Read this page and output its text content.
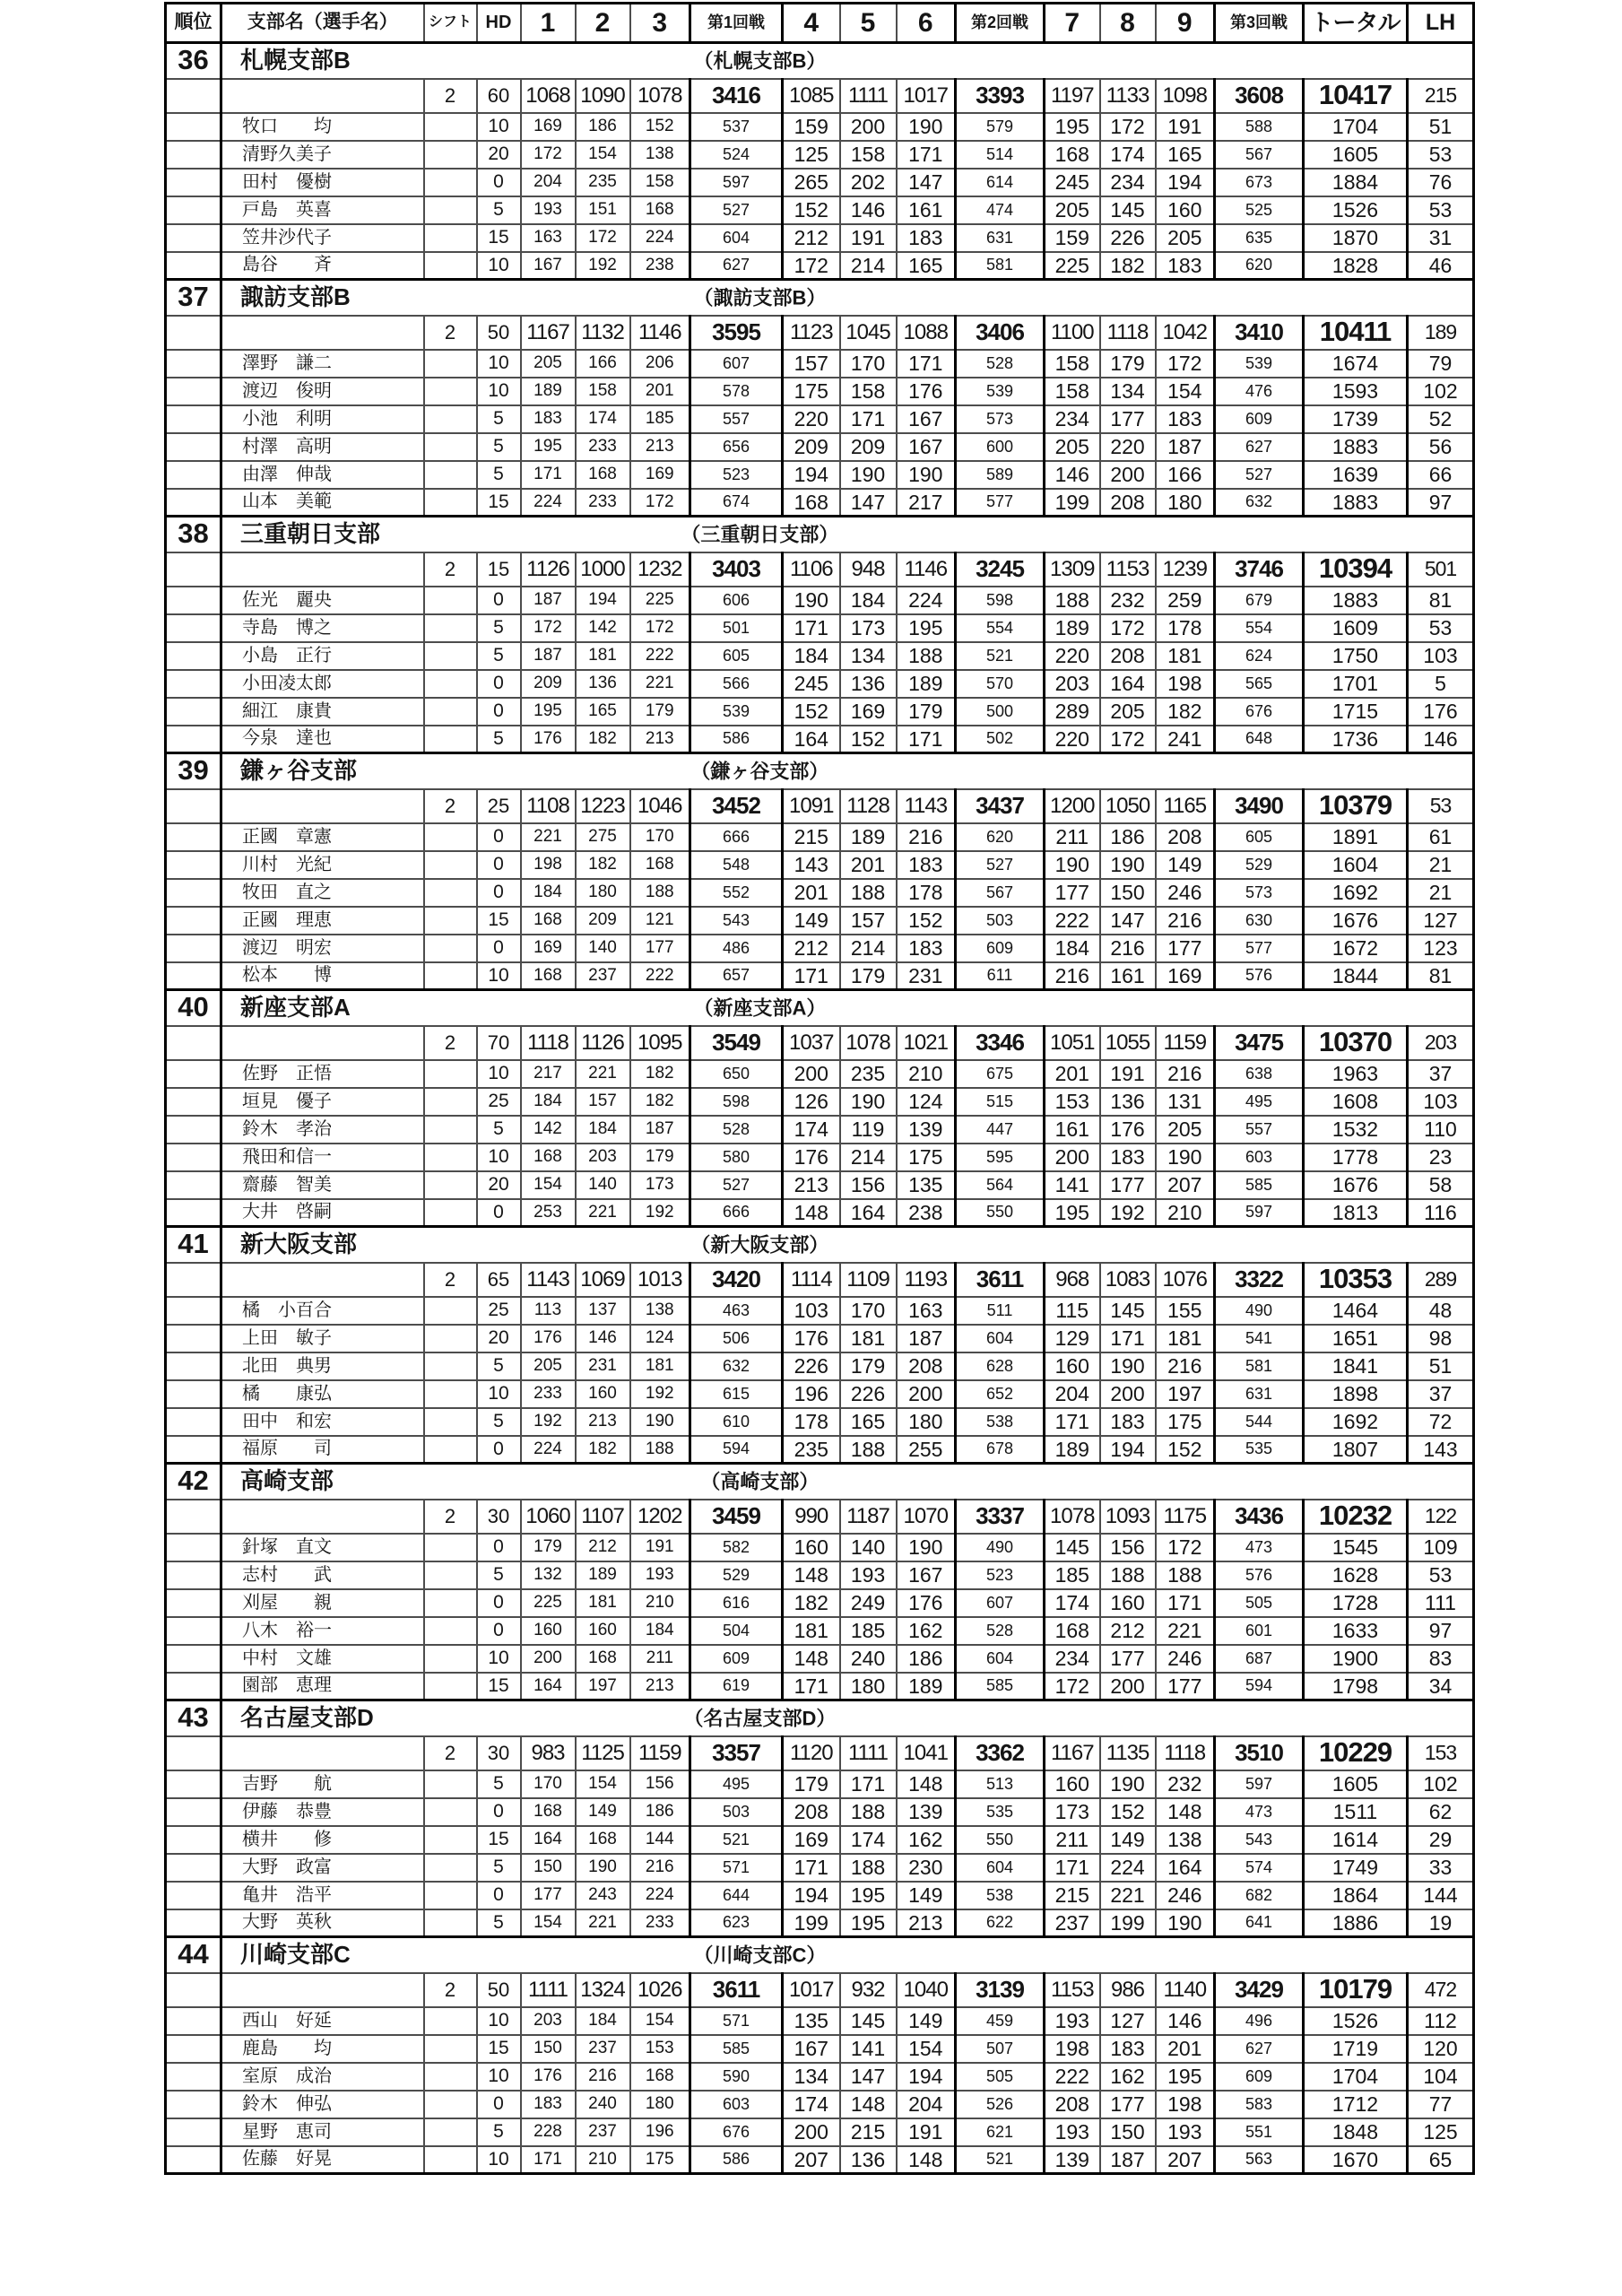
順位	支部名（選手名）	シフト	HD	1	2	3	第1回戦	4	5	6	第2回戦	7	8	9	第3回戦	トータル	LH
36	札幌支部B （札幌支部B）																

		2	60	1068	1090	1078	3416	1085	1111	1017	3393	1197	1133	1098	3608	10417	215
	牧口　　均		10	169	186	152	537	159	200	190	579	195	172	191	588	1704	51
	清野久美子		20	172	154	138	524	125	158	171	514	168	174	165	567	1605	53
	田村　優樹		0	204	235	158	597	265	202	147	614	245	234	194	673	1884	76
	戸島　英喜		5	193	151	168	527	152	146	161	474	205	145	160	525	1526	53
	笠井沙代子		15	163	172	224	604	212	191	183	631	159	226	205	635	1870	31
	島谷　　斉		10	167	192	238	627	172	214	165	581	225	182	183	620	1828	46
37	諏訪支部B （諏訪支部B）																

		2	50	1167	1132	1146	3595	1123	1045	1088	3406	1100	1118	1042	3410	10411	189
	澤野　謙二		10	205	166	206	607	157	170	171	528	158	179	172	539	1674	79
	渡辺　俊明		10	189	158	201	578	175	158	176	539	158	134	154	476	1593	102
	小池　利明		5	183	174	185	557	220	171	167	573	234	177	183	609	1739	52
	村澤　高明		5	195	233	213	656	209	209	167	600	205	220	187	627	1883	56
	由澤　伸哉		5	171	168	169	523	194	190	190	589	146	200	166	527	1639	66
	山本　美範		15	224	233	172	674	168	147	217	577	199	208	180	632	1883	97
38	三重朝日支部 （三重朝日支部）																

		2	15	1126	1000	1232	3403	1106	948	1146	3245	1309	1153	1239	3746	10394	501
	佐光　麗央		0	187	194	225	606	190	184	224	598	188	232	259	679	1883	81
	寺島　博之		5	172	142	172	501	171	173	195	554	189	172	178	554	1609	53
	小島　正行		5	187	181	222	605	184	134	188	521	220	208	181	624	1750	103
	小田凌太郎		0	209	136	221	566	245	136	189	570	203	164	198	565	1701	5
	細江　康貴		0	195	165	179	539	152	169	179	500	289	205	182	676	1715	176
	今泉　達也		5	176	182	213	586	164	152	171	502	220	172	241	648	1736	146
39	鎌ヶ谷支部 （鎌ヶ谷支部）																

		2	25	1108	1223	1046	3452	1091	1128	1143	3437	1200	1050	1165	3490	10379	53
	正國　章憲		0	221	275	170	666	215	189	216	620	211	186	208	605	1891	61
	川村　光紀		0	198	182	168	548	143	201	183	527	190	190	149	529	1604	21
	牧田　直之		0	184	180	188	552	201	188	178	567	177	150	246	573	1692	21
	正國　理恵		15	168	209	121	543	149	157	152	503	222	147	216	630	1676	127
	渡辺　明宏		0	169	140	177	486	212	214	183	609	184	216	177	577	1672	123
	松本　　博		10	168	237	222	657	171	179	231	611	216	161	169	576	1844	81
40	新座支部A （新座支部A）																

		2	70	1118	1126	1095	3549	1037	1078	1021	3346	1051	1055	1159	3475	10370	203
	佐野　正悟		10	217	221	182	650	200	235	210	675	201	191	216	638	1963	37
	垣見　優子		25	184	157	182	598	126	190	124	515	153	136	131	495	1608	103
	鈴木　孝治		5	142	184	187	528	174	119	139	447	161	176	205	557	1532	110
	飛田和信一		10	168	203	179	580	176	214	175	595	200	183	190	603	1778	23
	齋藤　智美		20	154	140	173	527	213	156	135	564	141	177	207	585	1676	58
	大井　啓嗣		0	253	221	192	666	148	164	238	550	195	192	210	597	1813	116
41	新大阪支部 （新大阪支部）																

		2	65	1143	1069	1013	3420	1114	1109	1193	3611	968	1083	1076	3322	10353	289
	橘　小百合		25	113	137	138	463	103	170	163	511	115	145	155	490	1464	48
	上田　敏子		20	176	146	124	506	176	181	187	604	129	171	181	541	1651	98
	北田　典男		5	205	231	181	632	226	179	208	628	160	190	216	581	1841	51
	橘　　康弘		10	233	160	192	615	196	226	200	652	204	200	197	631	1898	37
	田中　和宏		5	192	213	190	610	178	165	180	538	171	183	175	544	1692	72
	福原　　司		0	224	182	188	594	235	188	255	678	189	194	152	535	1807	143
42	高崎支部 （高崎支部）																

		2	30	1060	1107	1202	3459	990	1187	1070	3337	1078	1093	1175	3436	10232	122
	針塚　直文		0	179	212	191	582	160	140	190	490	145	156	172	473	1545	109
	志村　　武		5	132	189	193	529	148	193	167	523	185	188	188	576	1628	53
	刈屋　　親		0	225	181	210	616	182	249	176	607	174	160	171	505	1728	111
	八木　裕一		0	160	160	184	504	181	185	162	528	168	212	221	601	1633	97
	中村　文雄		10	200	168	211	609	148	240	186	604	234	177	246	687	1900	83
	園部　恵理		15	164	197	213	619	171	180	189	585	172	200	177	594	1798	34
43	名古屋支部D （名古屋支部D）																

		2	30	983	1125	1159	3357	1120	1111	1041	3362	1167	1135	1118	3510	10229	153
	吉野　　航		5	170	154	156	495	179	171	148	513	160	190	232	597	1605	102
	伊藤　恭豊		0	168	149	186	503	208	188	139	535	173	152	148	473	1511	62
	横井　　修		15	164	168	144	521	169	174	162	550	211	149	138	543	1614	29
	大野　政富		5	150	190	216	571	171	188	230	604	171	224	164	574	1749	33
	亀井　浩平		0	177	243	224	644	194	195	149	538	215	221	246	682	1864	144
	大野　英秋		5	154	221	233	623	199	195	213	622	237	199	190	641	1886	19
44	川崎支部C （川崎支部C）																

		2	50	1111	1324	1026	3611	1017	932	1040	3139	1153	986	1140	3429	10179	472
	西山　好延		10	203	184	154	571	135	145	149	459	193	127	146	496	1526	112
	鹿島　　均		15	150	237	153	585	167	141	154	507	198	183	201	627	1719	120
	室原　成治		10	176	216	168	590	134	147	194	505	222	162	195	609	1704	104
	鈴木　伸弘		0	183	240	180	603	174	148	204	526	208	177	198	583	1712	77
	星野　恵司		5	228	237	196	676	200	215	191	621	193	150	193	551	1848	125
	佐藤　好晃		10	171	210	175	586	207	136	148	521	139	187	207	563	1670	65
